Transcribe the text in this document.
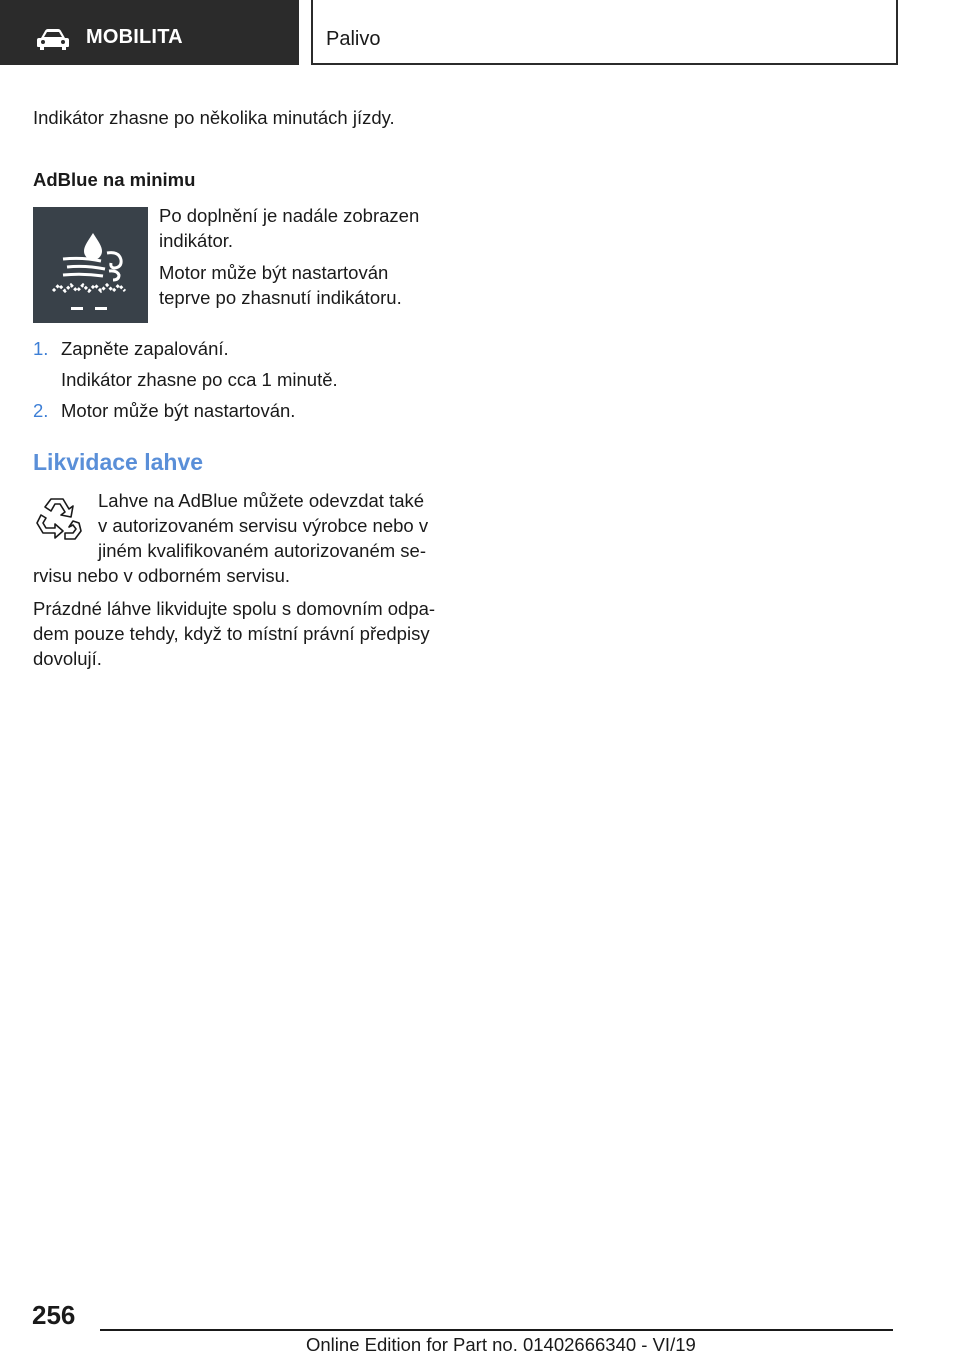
MOBILITA	Palivo

Indikátor zhasne po několika minutách jízdy.

AdBlue na minimu

Po doplnění je nadále zobrazen

indikátor.

Motor může být nastartován

teprve po zhasnutí indikátoru.

1. Zapněte zapalování.

Indikátor zhasne po cca 1 minutě.

2. Motor může být nastartován.

Likvidace lahve

Lahve na AdBlue můžete odevzdat také

v autorizovaném servisu výrobce nebo v

jiném kvalifikovaném autorizovaném se‐

rvisu nebo v odborném servisu.

Prázdné láhve likvidujte spolu s domovním odpa‐

dem pouze tehdy, když to místní právní předpisy

dovolují.

256
Online Edition for Part no. 01402666340 - VI/19
